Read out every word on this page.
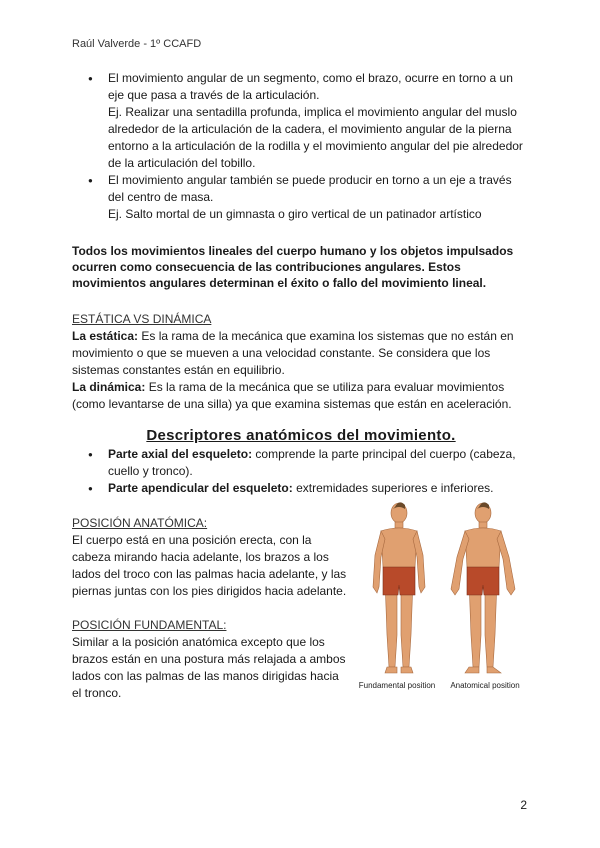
Raúl Valverde - 1º CCAFD

● El movimiento angular de un segmento, como el brazo, ocurre en torno a un eje que pasa a través de la articulación.

Ej. Realizar una sentadilla profunda, implica el movimiento angular del muslo alrededor de la articulación de la cadera, el movimiento angular de la pierna entorno a la articulación de la rodilla y el movimiento angular del pie alrededor de la articulación del tobillo.

● El movimiento angular también se puede producir en torno a un eje a través del centro de masa.

Ej. Salto mortal de un gimnasta o giro vertical de un patinador artístico

Todos los movimientos lineales del cuerpo humano y los objetos impulsados ocurren como consecuencia de las contribuciones angulares. Estos movimientos angulares determinan el éxito o fallo del movimiento lineal.

ESTÁTICA VS DINÁMICA

La estática: Es la rama de la mecánica que examina los sistemas que no están en movimiento o que se mueven a una velocidad constante. Se considera que los sistemas constantes están en equilibrio.

La dinámica: Es la rama de la mecánica que se utiliza para evaluar movimientos (como levantarse de una silla) ya que examina sistemas que están en aceleración.

Descriptores anatómicos del movimiento.

● Parte axial del esqueleto: comprende la parte principal del cuerpo (cabeza, cuello y tronco).

● Parte apendicular del esqueleto: extremidades superiores e inferiores.

POSICIÓN ANATÓMICA:

El cuerpo está en una posición erecta, con la cabeza mirando hacia adelante, los brazos a los lados del troco con las palmas hacia adelante, y las piernas juntas con los pies dirigidos hacia adelante.

POSICIÓN FUNDAMENTAL:

Similar a la posición anatómica excepto que los brazos están en una postura más relajada a ambos lados con las palmas de las manos dirigidas hacia el tronco.

Fundamental position	Anatomical position
2
